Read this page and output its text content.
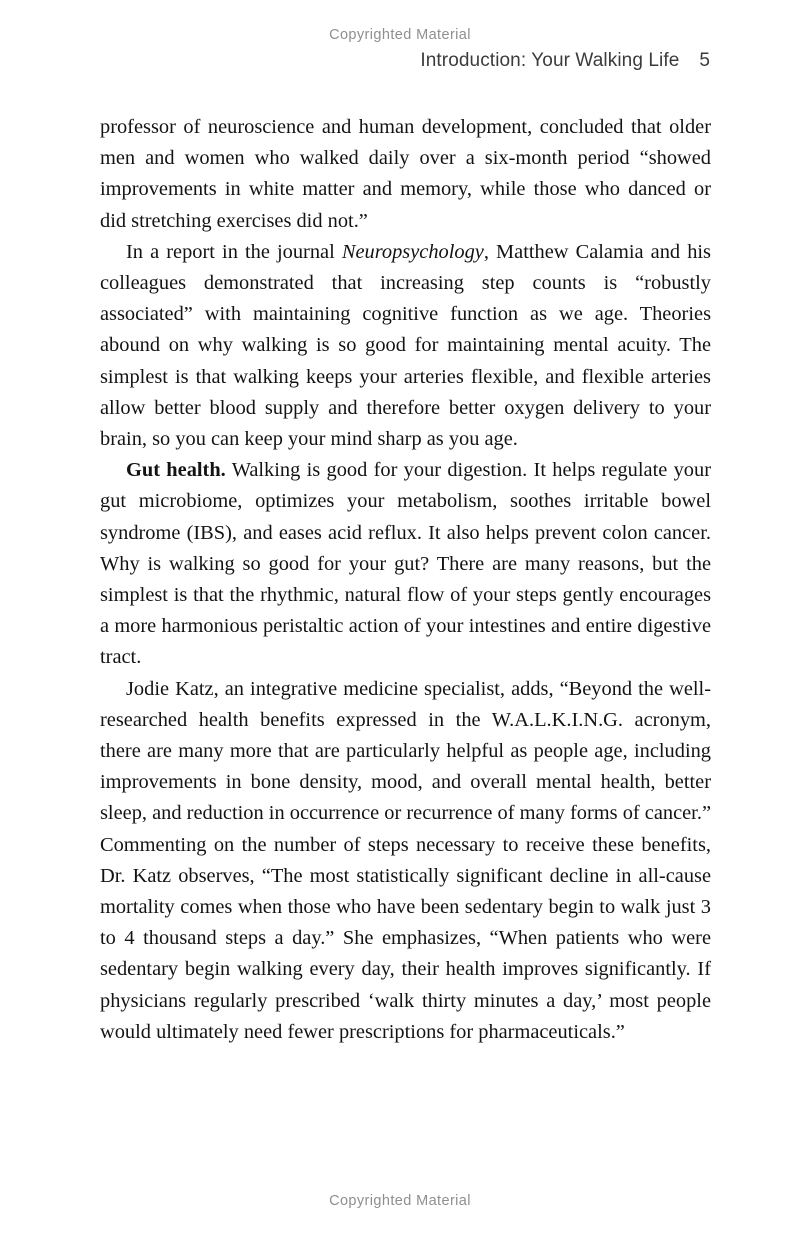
Copyrighted Material
Introduction: Your Walking Life 5

professor of neuroscience and human development, concluded that older men and women who walked daily over a six-month period “showed improvements in white matter and memory, while those who danced or did stretching exercises did not.”

In a report in the journal Neuropsychology, Matthew Calamia and his colleagues demonstrated that increasing step counts is “robustly associated” with maintaining cognitive function as we age. Theories abound on why walking is so good for maintaining mental acuity. The simplest is that walking keeps your arteries flexible, and flexible arteries allow better blood supply and therefore better oxygen delivery to your brain, so you can keep your mind sharp as you age.

Gut health. Walking is good for your digestion. It helps regulate your gut microbiome, optimizes your metabolism, soothes irritable bowel syndrome (IBS), and eases acid reflux. It also helps prevent colon cancer. Why is walking so good for your gut? There are many reasons, but the simplest is that the rhythmic, natural flow of your steps gently encourages a more harmonious peristaltic action of your intestines and entire digestive tract.

Jodie Katz, an integrative medicine specialist, adds, “Beyond the well-researched health benefits expressed in the W.A.L.K.I.N.G. acronym, there are many more that are particularly helpful as people age, including improvements in bone density, mood, and overall mental health, better sleep, and reduction in occurrence or recurrence of many forms of cancer.” Commenting on the number of steps necessary to receive these benefits, Dr. Katz observes, “The most statistically significant decline in all-cause mortality comes when those who have been sedentary begin to walk just 3 to 4 thousand steps a day.” She emphasizes, “When patients who were sedentary begin walking every day, their health improves significantly. If physicians regularly prescribed ‘walk thirty minutes a day,’ most people would ultimately need fewer prescriptions for pharmaceuticals.”

Copyrighted Material
